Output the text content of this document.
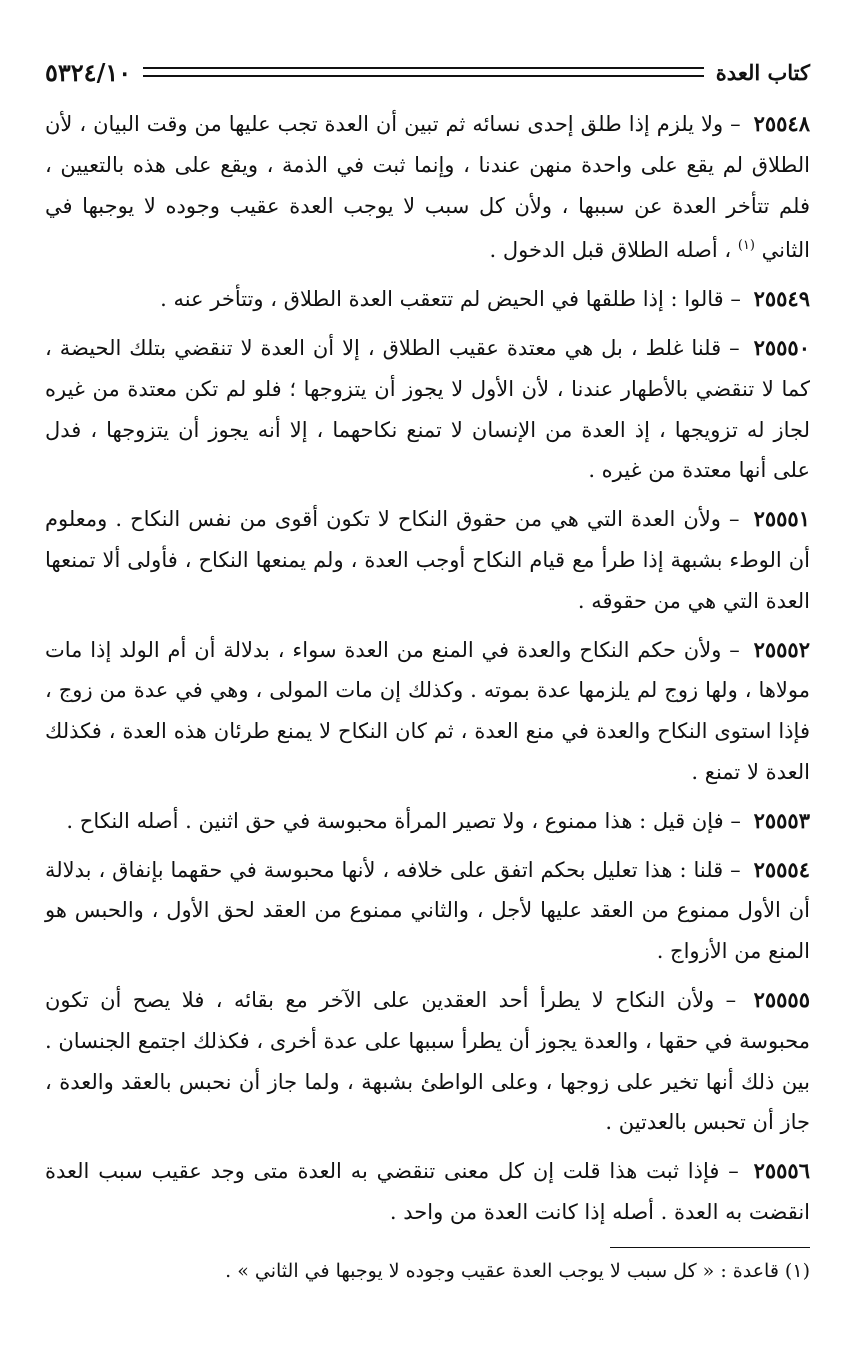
٥٣٢٤/١٠	كتاب العدة

٢٥٥٤٨ – ولا يلزم إذا طلق إحدى نسائه ثم تبين أن العدة تجب عليها من وقت البيان ، لأن الطلاق لم يقع على واحدة منهن عندنا ، وإنما ثبت في الذمة ، ويقع على هذه بالتعيين ، فلم تتأخر العدة عن سببها ، ولأن كل سبب لا يوجب العدة عقيب وجوده لا يوجبها في الثاني $^{(١)}$ ، أصله الطلاق قبل الدخول .

٢٥٥٤٩ – قالوا : إذا طلقها في الحيض لم تتعقب العدة الطلاق ، وتتأخر عنه .

٢٥٥٥٠ – قلنا غلط ، بل هي معتدة عقيب الطلاق ، إلا أن العدة لا تنقضي بتلك الحيضة ، كما لا تنقضي بالأطهار عندنا ، لأن الأول لا يجوز أن يتزوجها ؛ فلو لم تكن معتدة من غيره لجاز له تزويجها ، إذ العدة من الإنسان لا تمنع نكاحهما ، إلا أنه يجوز أن يتزوجها ، فدل على أنها معتدة من غيره .

٢٥٥٥١ – ولأن العدة التي هي من حقوق النكاح لا تكون أقوى من نفس النكاح . ومعلوم أن الوطء بشبهة إذا طرأ مع قيام النكاح أوجب العدة ، ولم يمنعها النكاح ، فأولى ألا تمنعها العدة التي هي من حقوقه .

٢٥٥٥٢ – ولأن حكم النكاح والعدة في المنع من العدة سواء ، بدلالة أن أم الولد إذا مات مولاها ، ولها زوج لم يلزمها عدة بموته . وكذلك إن مات المولى ، وهي في عدة من زوج ، فإذا استوى النكاح والعدة في منع العدة ، ثم كان النكاح لا يمنع طرئان هذه العدة ، فكذلك العدة لا تمنع .

٢٥٥٥٣ – فإن قيل : هذا ممنوع ، ولا تصير المرأة محبوسة في حق اثنين . أصله النكاح .

٢٥٥٥٤ – قلنا : هذا تعليل بحكم اتفق على خلافه ، لأنها محبوسة في حقهما بإنفاق ، بدلالة أن الأول ممنوع من العقد عليها لأجل ، والثاني ممنوع من العقد لحق الأول ، والحبس هو المنع من الأزواج .

٢٥٥٥٥ – ولأن النكاح لا يطرأ أحد العقدين على الآخر مع بقائه ، فلا يصح أن تكون محبوسة في حقها ، والعدة يجوز أن يطرأ سببها على عدة أخرى ، فكذلك اجتمع الجنسان . بين ذلك أنها تخير على زوجها ، وعلى الواطئ بشبهة ، ولما جاز أن نحبس بالعقد والعدة ، جاز أن تحبس بالعدتين .

٢٥٥٥٦ – فإذا ثبت هذا قلت إن كل معنى تنقضي به العدة متى وجد عقيب سبب العدة انقضت به العدة . أصله إذا كانت العدة من واحد .

(١) قاعدة : « كل سبب لا يوجب العدة عقيب وجوده لا يوجبها في الثاني » .
